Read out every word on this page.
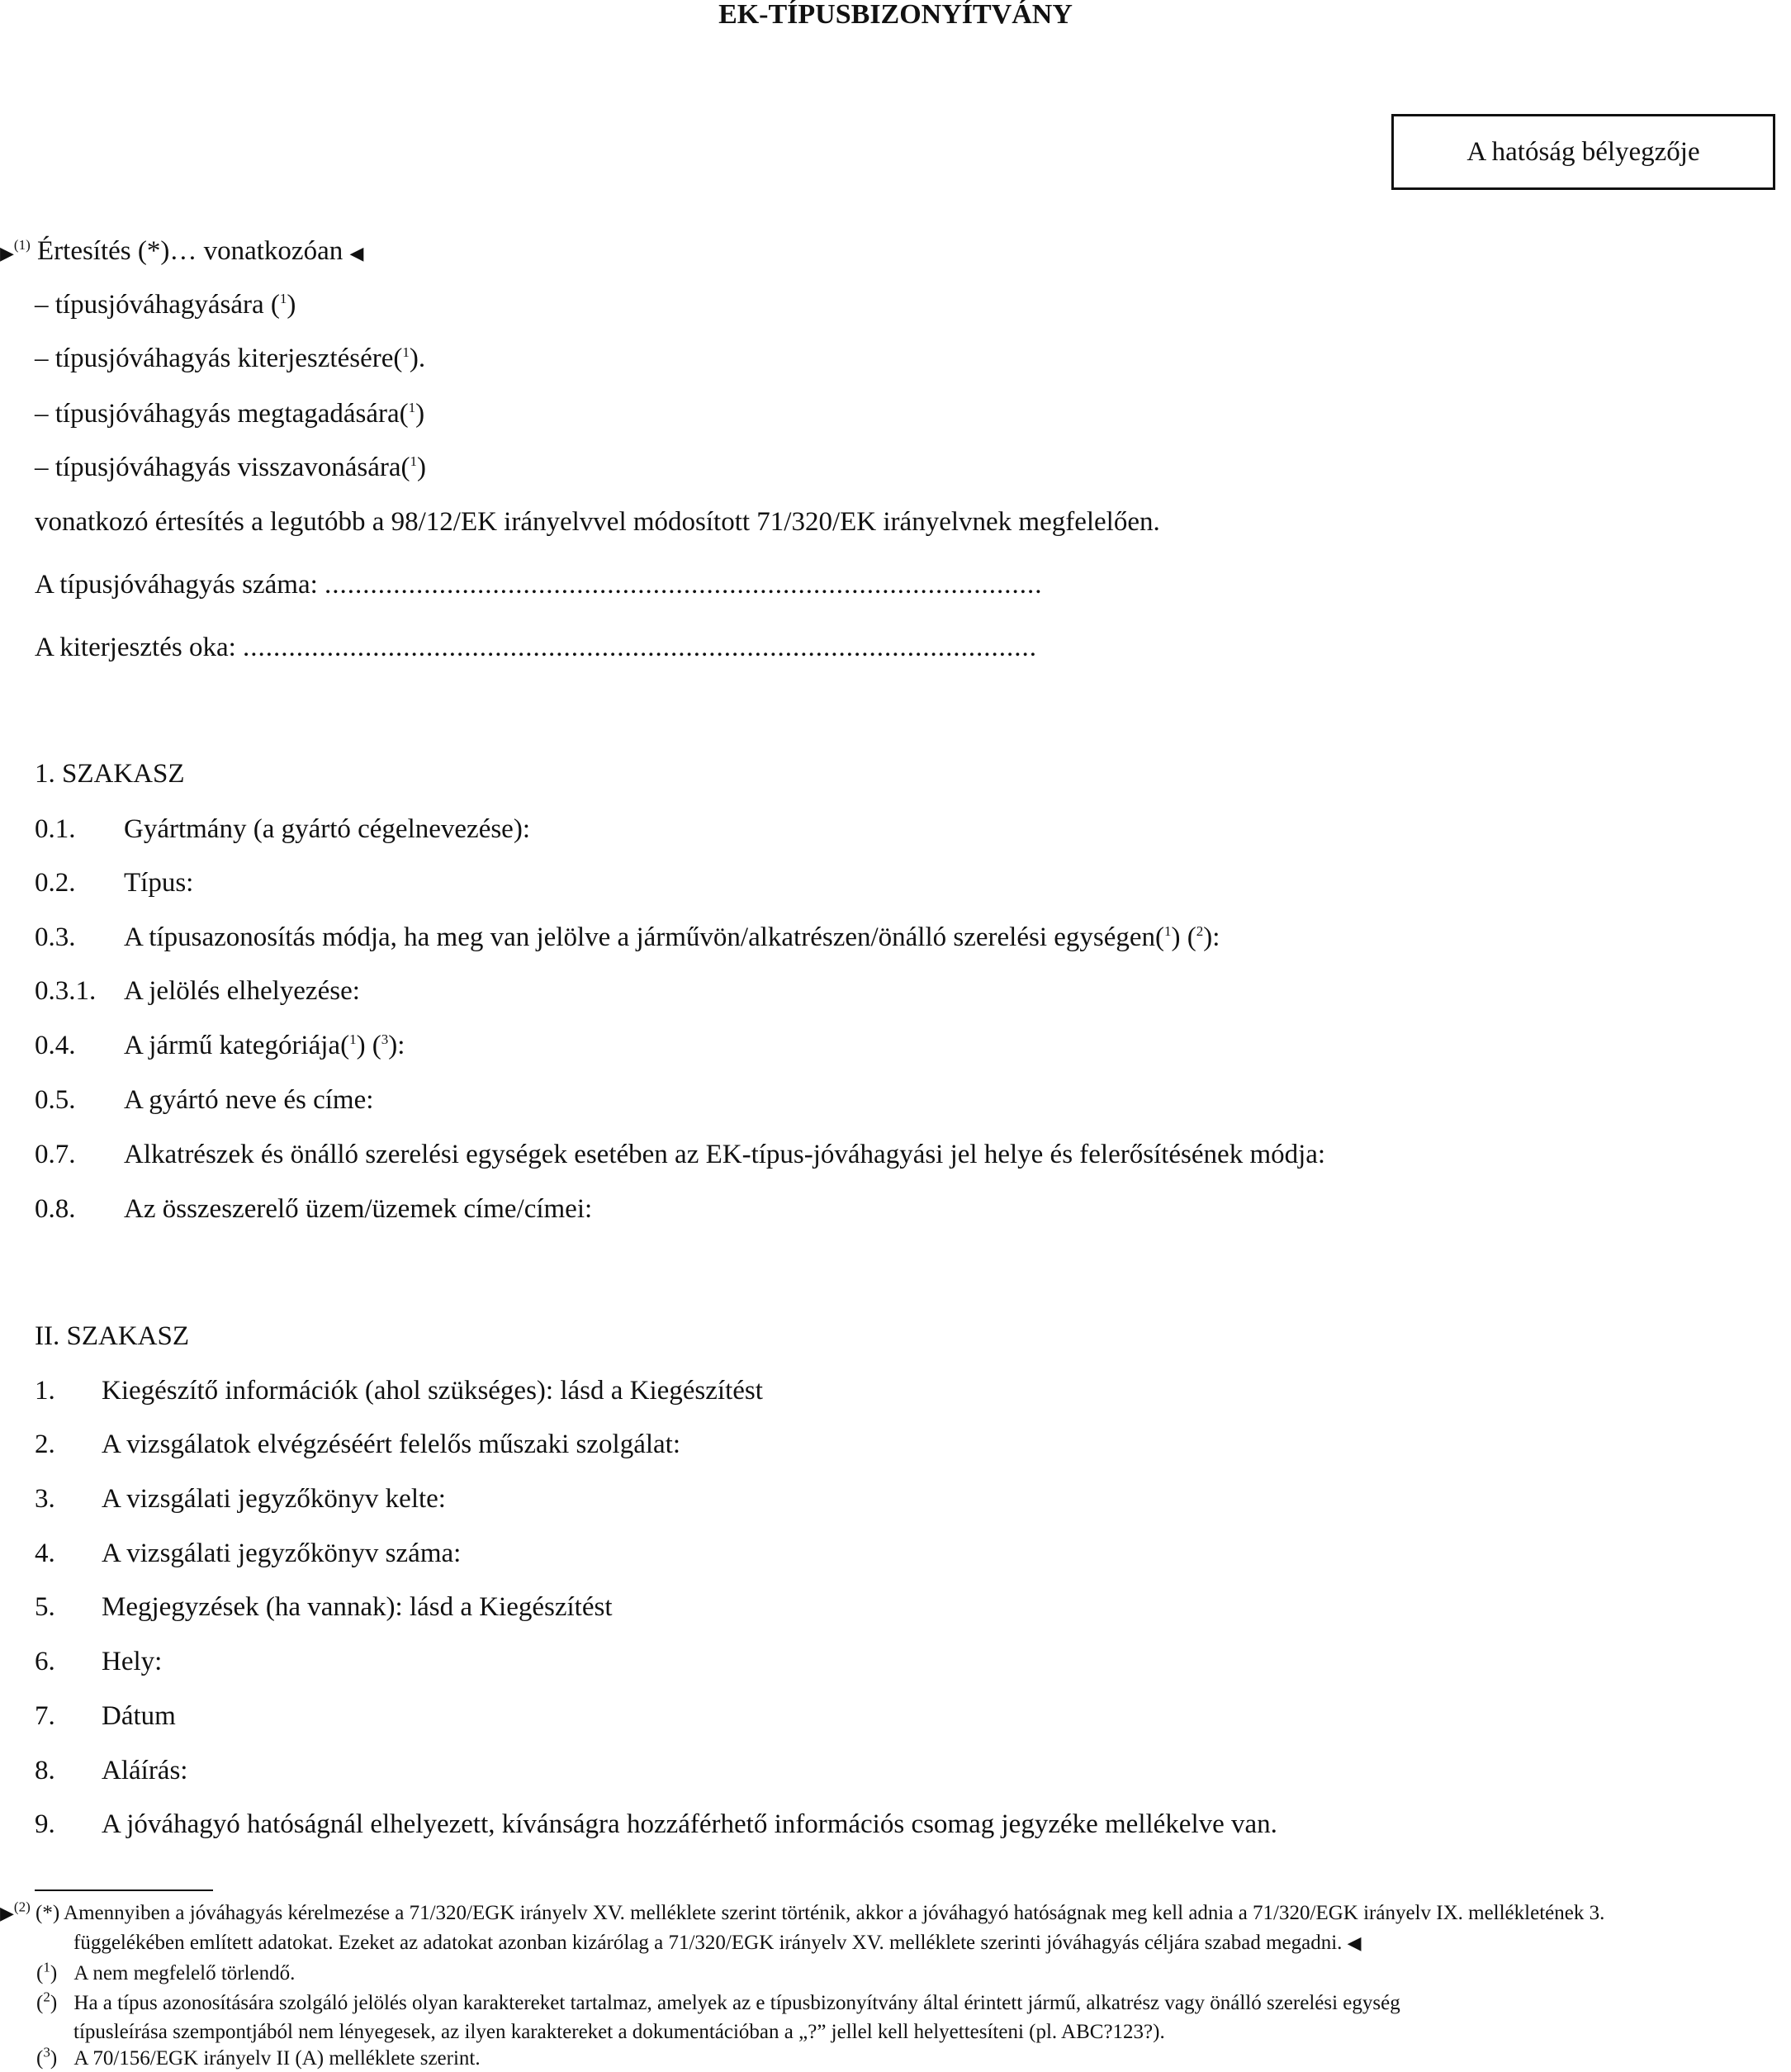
EK-TÍPUSBIZONYÍTVÁNY
A hatóság bélyegzője
▶$^{(1)}$ Értesítés (*)… vonatkozóan ◀
– típusjóváhagyására ($^1$)
– típusjóváhagyás kiterjesztésére($^1$).
– típusjóváhagyás megtagadására($^1$)
– típusjóváhagyás visszavonására($^1$)
vonatkozó értesítés a legutóbb a 98/12/EK irányelvvel módosított 71/320/EK irányelvnek megfelelően.
A típusjóváhagyás száma: ..............................................................................................
A kiterjesztés oka: ........................................................................................................
1. SZAKASZ
0.1. Gyártmány (a gyártó cégelnevezése):
0.2. Típus:
0.3. A típusazonosítás módja, ha meg van jelölve a járművön/alkatrészen/önálló szerelési egységen($^1$) ($^2$):
0.3.1. A jelölés elhelyezése:
0.4. A jármű kategóriája($^1$) ($^3$):
0.5. A gyártó neve és címe:
0.7. Alkatrészek és önálló szerelési egységek esetében az EK-típus-jóváhagyási jel helye és felerősítésének módja:
0.8. Az összeszerelő üzem/üzemek címe/címei:
II. SZAKASZ
1. Kiegészítő információk (ahol szükséges): lásd a Kiegészítést
2. A vizsgálatok elvégzéséért felelős műszaki szolgálat:
3. A vizsgálati jegyzőkönyv kelte:
4. A vizsgálati jegyzőkönyv száma:
5. Megjegyzések (ha vannak): lásd a Kiegészítést
6. Hely:
7. Dátum
8. Aláírás:
9. A jóváhagyó hatóságnál elhelyezett, kívánságra hozzáférhető információs csomag jegyzéke mellékelve van.
▶$^{(2)}$ (*) Amennyiben a jóváhagyás kérelmezése a 71/320/EGK irányelv XV. melléklete szerint történik, akkor a jóváhagyó hatóságnak meg kell adnia a 71/320/EGK irányelv IX. mellékletének 3.
függelékében említett adatokat. Ezeket az adatokat azonban kizárólag a 71/320/EGK irányelv XV. melléklete szerinti jóváhagyás céljára szabad megadni. ◀
($^1$) A nem megfelelő törlendő.
($^2$) Ha a típus azonosítására szolgáló jelölés olyan karaktereket tartalmaz, amelyek az e típusbizonyítvány által érintett jármű, alkatrész vagy önálló szerelési egység
típusleírása szempontjából nem lényegesek, az ilyen karaktereket a dokumentációban a „?” jellel kell helyettesíteni (pl. ABC?123?).
($^3$) A 70/156/EGK irányelv II (A) melléklete szerint.
